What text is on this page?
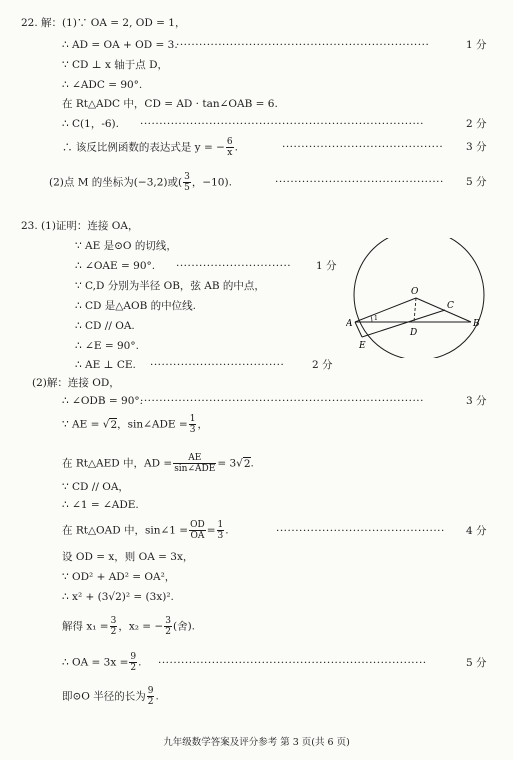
22. 解：(1)∵ OA = 2, OD = 1，
∴ AD = OA + OD = 3.
··································································	1 分
∵ CD ⊥ x 轴于点 D，
∴ ∠ADC = 90°.
在 Rt△ADC 中，CD = AD · tan∠OAB = 6.
∴ C(1，-6). ··········································································	2 分
∴ 该反比例函数的表达式是 y = − $\frac{6}{x}$ .	··········································	3 分
(2)点 M 的坐标为(−3,2)或( $\frac{3}{5}$ ，−10).	············································	5 分
23. (1)证明：连接 OA，
∵ AE 是⊙O 的切线，
∴ ∠OAE = 90°. ······························	1 分
∵ C,D 分别为半径 OB，弦 AB 的中点，
∴ CD 是△AOB 的中位线.
∴ CD // OA.
∴ ∠E = 90°.
∴ AE ⊥ CE. ···································	2 分
O
C
A	B
D
E
1
(2)解：连接 OD，
∴ ∠ODB = 90°.
··········································································	3 分
∵ AE = √2，sin∠ADE = $\frac{1}{3}$ ，
在 Rt△AED 中，AD = $\frac{AE}{\text{sin∠ADE}} = 3√2$.
∵ CD // OA，
∴ ∠1 = ∠ADE.
在 Rt△OAD 中，sin∠1 = $\frac{OD}{OA} = \frac{1}{3}$ .	············································	4 分
设 OD = x，则 OA = 3x，
∵ OD² + AD² = OA²，
∴ x² + (3√2)² = (3x)².
解得 $x_1 = \frac{3}{2}$ ，x₂ = − $\frac{3}{2}$ (舍).
∴ OA = $3x = \frac{9}{2}$ . ······································································	5 分
即⊙O 半径的长为 $\frac{9}{2}$ .
九年级数学答案及评分参考 第 3 页(共 6 页)
